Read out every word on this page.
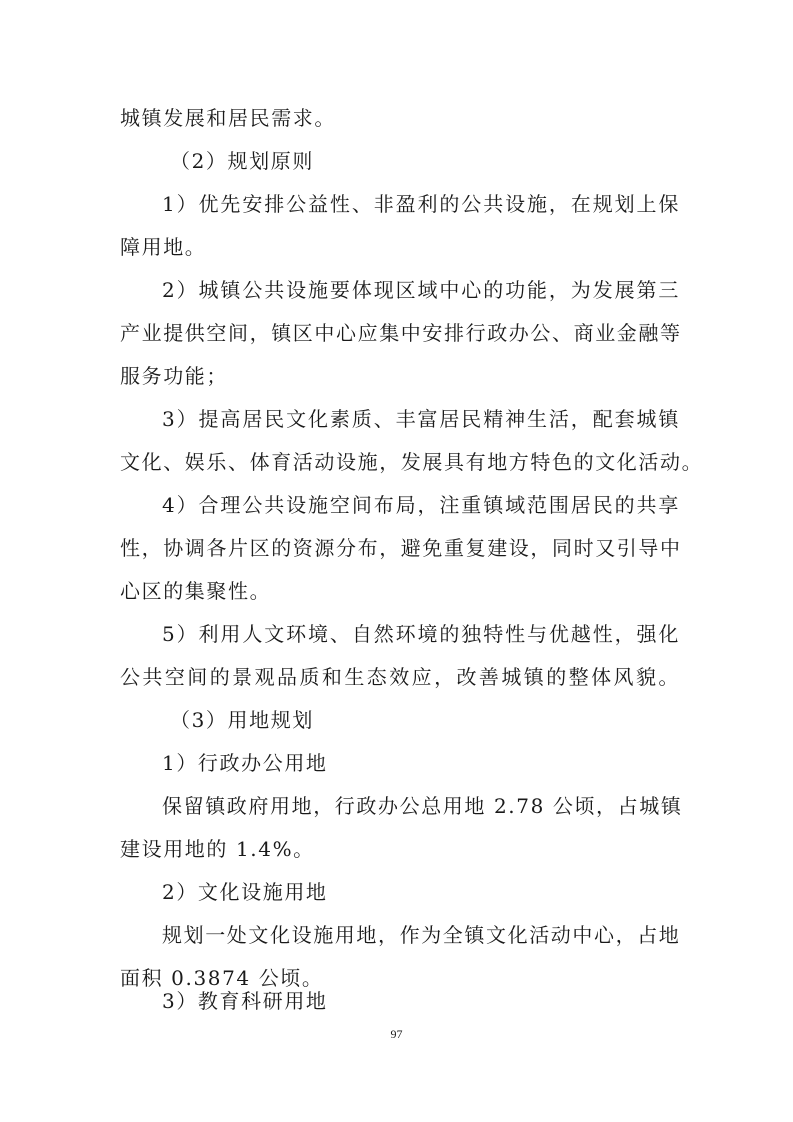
城镇发展和居民需求。
（2）规划原则
1）优先安排公益性、非盈利的公共设施，在规划上保
障用地。
2）城镇公共设施要体现区域中心的功能，为发展第三
产业提供空间，镇区中心应集中安排行政办公、商业金融等
服务功能；
3）提高居民文化素质、丰富居民精神生活，配套城镇
文化、娱乐、体育活动设施，发展具有地方特色的文化活动。
4）合理公共设施空间布局，注重镇域范围居民的共享
性，协调各片区的资源分布，避免重复建设，同时又引导中
心区的集聚性。
5）利用人文环境、自然环境的独特性与优越性，强化
公共空间的景观品质和生态效应，改善城镇的整体风貌。
（3）用地规划
1）行政办公用地
保留镇政府用地，行政办公总用地 2.78 公顷，占城镇
建设用地的 1.4%。
2）文化设施用地
规划一处文化设施用地，作为全镇文化活动中心，占地
面积 0.3874 公顷。
3）教育科研用地
97
